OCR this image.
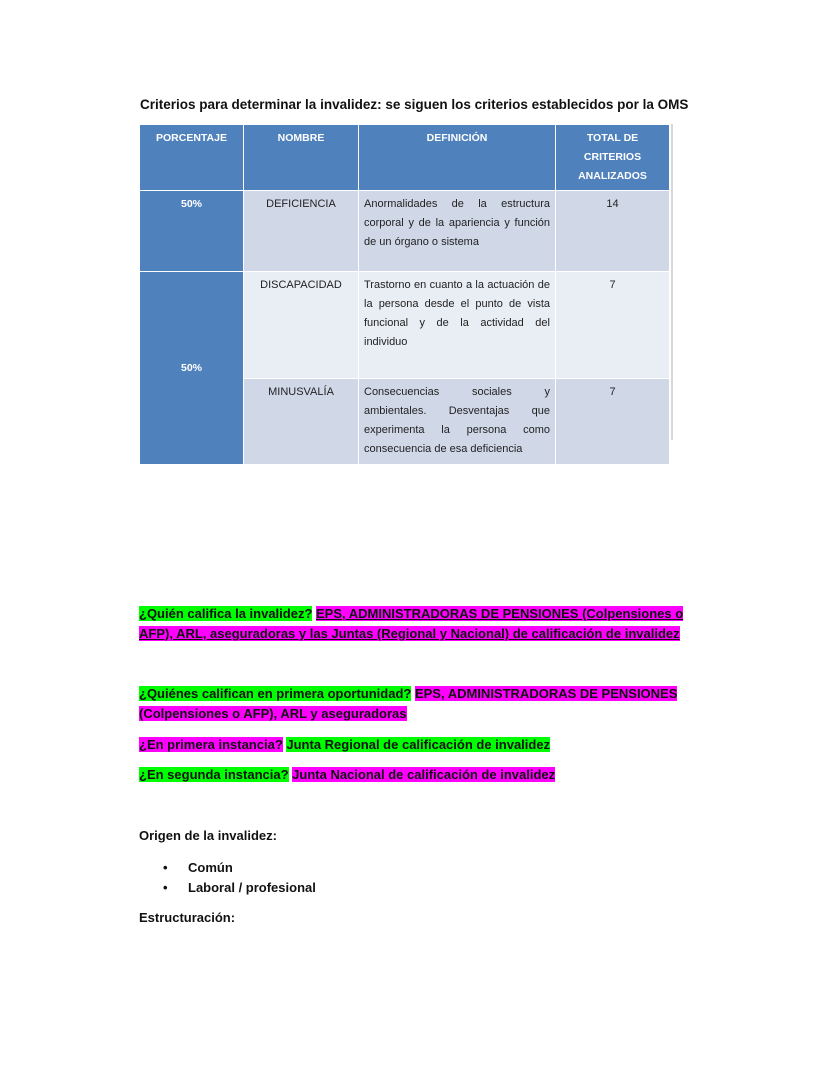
Criterios para determinar la invalidez: se siguen los criterios establecidos por la OMS
PORCENTAJE	NOMBRE	DEFINICIÓN	TOTAL DE CRITERIOS ANALIZADOS
50%	DEFICIENCIA	Anormalidades de la estructura corporal y de la apariencia y función de un órgano o sistema	14
50%	DISCAPACIDAD	Trastorno en cuanto a la actuación de la persona desde el punto de vista funcional y de la actividad del individuo	7
	MINUSVALÍA	Consecuencias sociales y ambientales. Desventajas que experimenta la persona como consecuencia de esa deficiencia	7
¿Quién califica la invalidez? EPS, ADMINISTRADORAS DE PENSIONES (Colpensiones o AFP), ARL, aseguradoras y las Juntas (Regional y Nacional) de calificación de invalidez
¿Quiénes califican en primera oportunidad? EPS, ADMINISTRADORAS DE PENSIONES (Colpensiones o AFP), ARL y aseguradoras
¿En primera instancia? Junta Regional de calificación de invalidez
¿En segunda instancia? Junta Nacional de calificación de invalidez
Origen de la invalidez:
• Común
• Laboral / profesional
Estructuración:
